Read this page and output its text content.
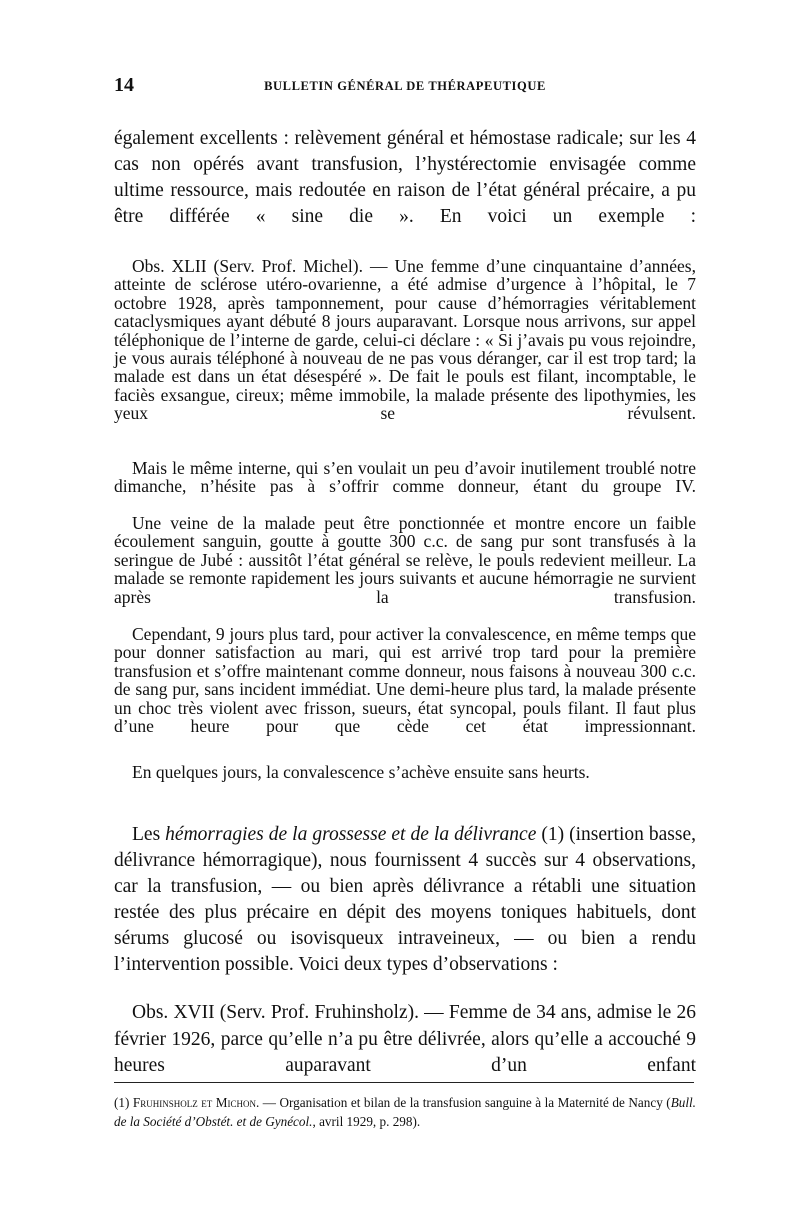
14	BULLETIN GÉNÉRAL DE THÉRAPEUTIQUE

également excellents : relèvement général et hémostase radicale; sur les 4 cas non opérés avant transfusion, l’hystérectomie envisagée comme ultime ressource, mais redoutée en raison de l’état général précaire, a pu être différée « sine die ». En voici un exemple :

Obs. XLII (Serv. Prof. Michel). — Une femme d’une cinquantaine d’années, atteinte de sclérose utéro-ovarienne, a été admise d’urgence à l’hôpital, le 7 octobre 1928, après tamponnement, pour cause d’hémorragies véritablement cataclysmiques ayant débuté 8 jours auparavant. Lorsque nous arrivons, sur appel téléphonique de l’interne de garde, celui-ci déclare : « Si j’avais pu vous rejoindre, je vous aurais téléphoné à nouveau de ne pas vous déranger, car il est trop tard; la malade est dans un état désespéré ». De fait le pouls est filant, incomptable, le faciès exsangue, cireux; même immobile, la malade présente des lipothymies, les yeux se révulsent.

Mais le même interne, qui s’en voulait un peu d’avoir inutilement troublé notre dimanche, n’hésite pas à s’offrir comme donneur, étant du groupe IV.

Une veine de la malade peut être ponctionnée et montre encore un faible écoulement sanguin, goutte à goutte 300 c.c. de sang pur sont transfusés à la seringue de Jubé : aussitôt l’état général se relève, le pouls redevient meilleur. La malade se remonte rapidement les jours suivants et aucune hémorragie ne survient après la transfusion.

Cependant, 9 jours plus tard, pour activer la convalescence, en même temps que pour donner satisfaction au mari, qui est arrivé trop tard pour la première transfusion et s’offre maintenant comme donneur, nous faisons à nouveau 300 c.c. de sang pur, sans incident immédiat. Une demi-heure plus tard, la malade présente un choc très violent avec frisson, sueurs, état syncopal, pouls filant. Il faut plus d’une heure pour que cède cet état impressionnant.

En quelques jours, la convalescence s’achève ensuite sans heurts.

Les hémorragies de la grossesse et de la délivrance (1) (insertion basse, délivrance hémorragique), nous fournissent 4 succès sur 4 observations, car la transfusion, — ou bien après délivrance a rétabli une situation restée des plus précaire en dépit des moyens toniques habituels, dont sérums glucosé ou isovisqueux intraveineux, — ou bien a rendu l’intervention possible. Voici deux types d’observations :

Obs. XVII (Serv. Prof. Fruhinsholz). — Femme de 34 ans, admise le 26 février 1926, parce qu’elle n’a pu être délivrée, alors qu’elle a accouché 9 heures auparavant d’un enfant

(1) Fruhinsholz et Michon. — Organisation et bilan de la transfusion sanguine à la Maternité de Nancy (Bull. de la Société d’Obstét. et de Gynécol., avril 1929, p. 298).
